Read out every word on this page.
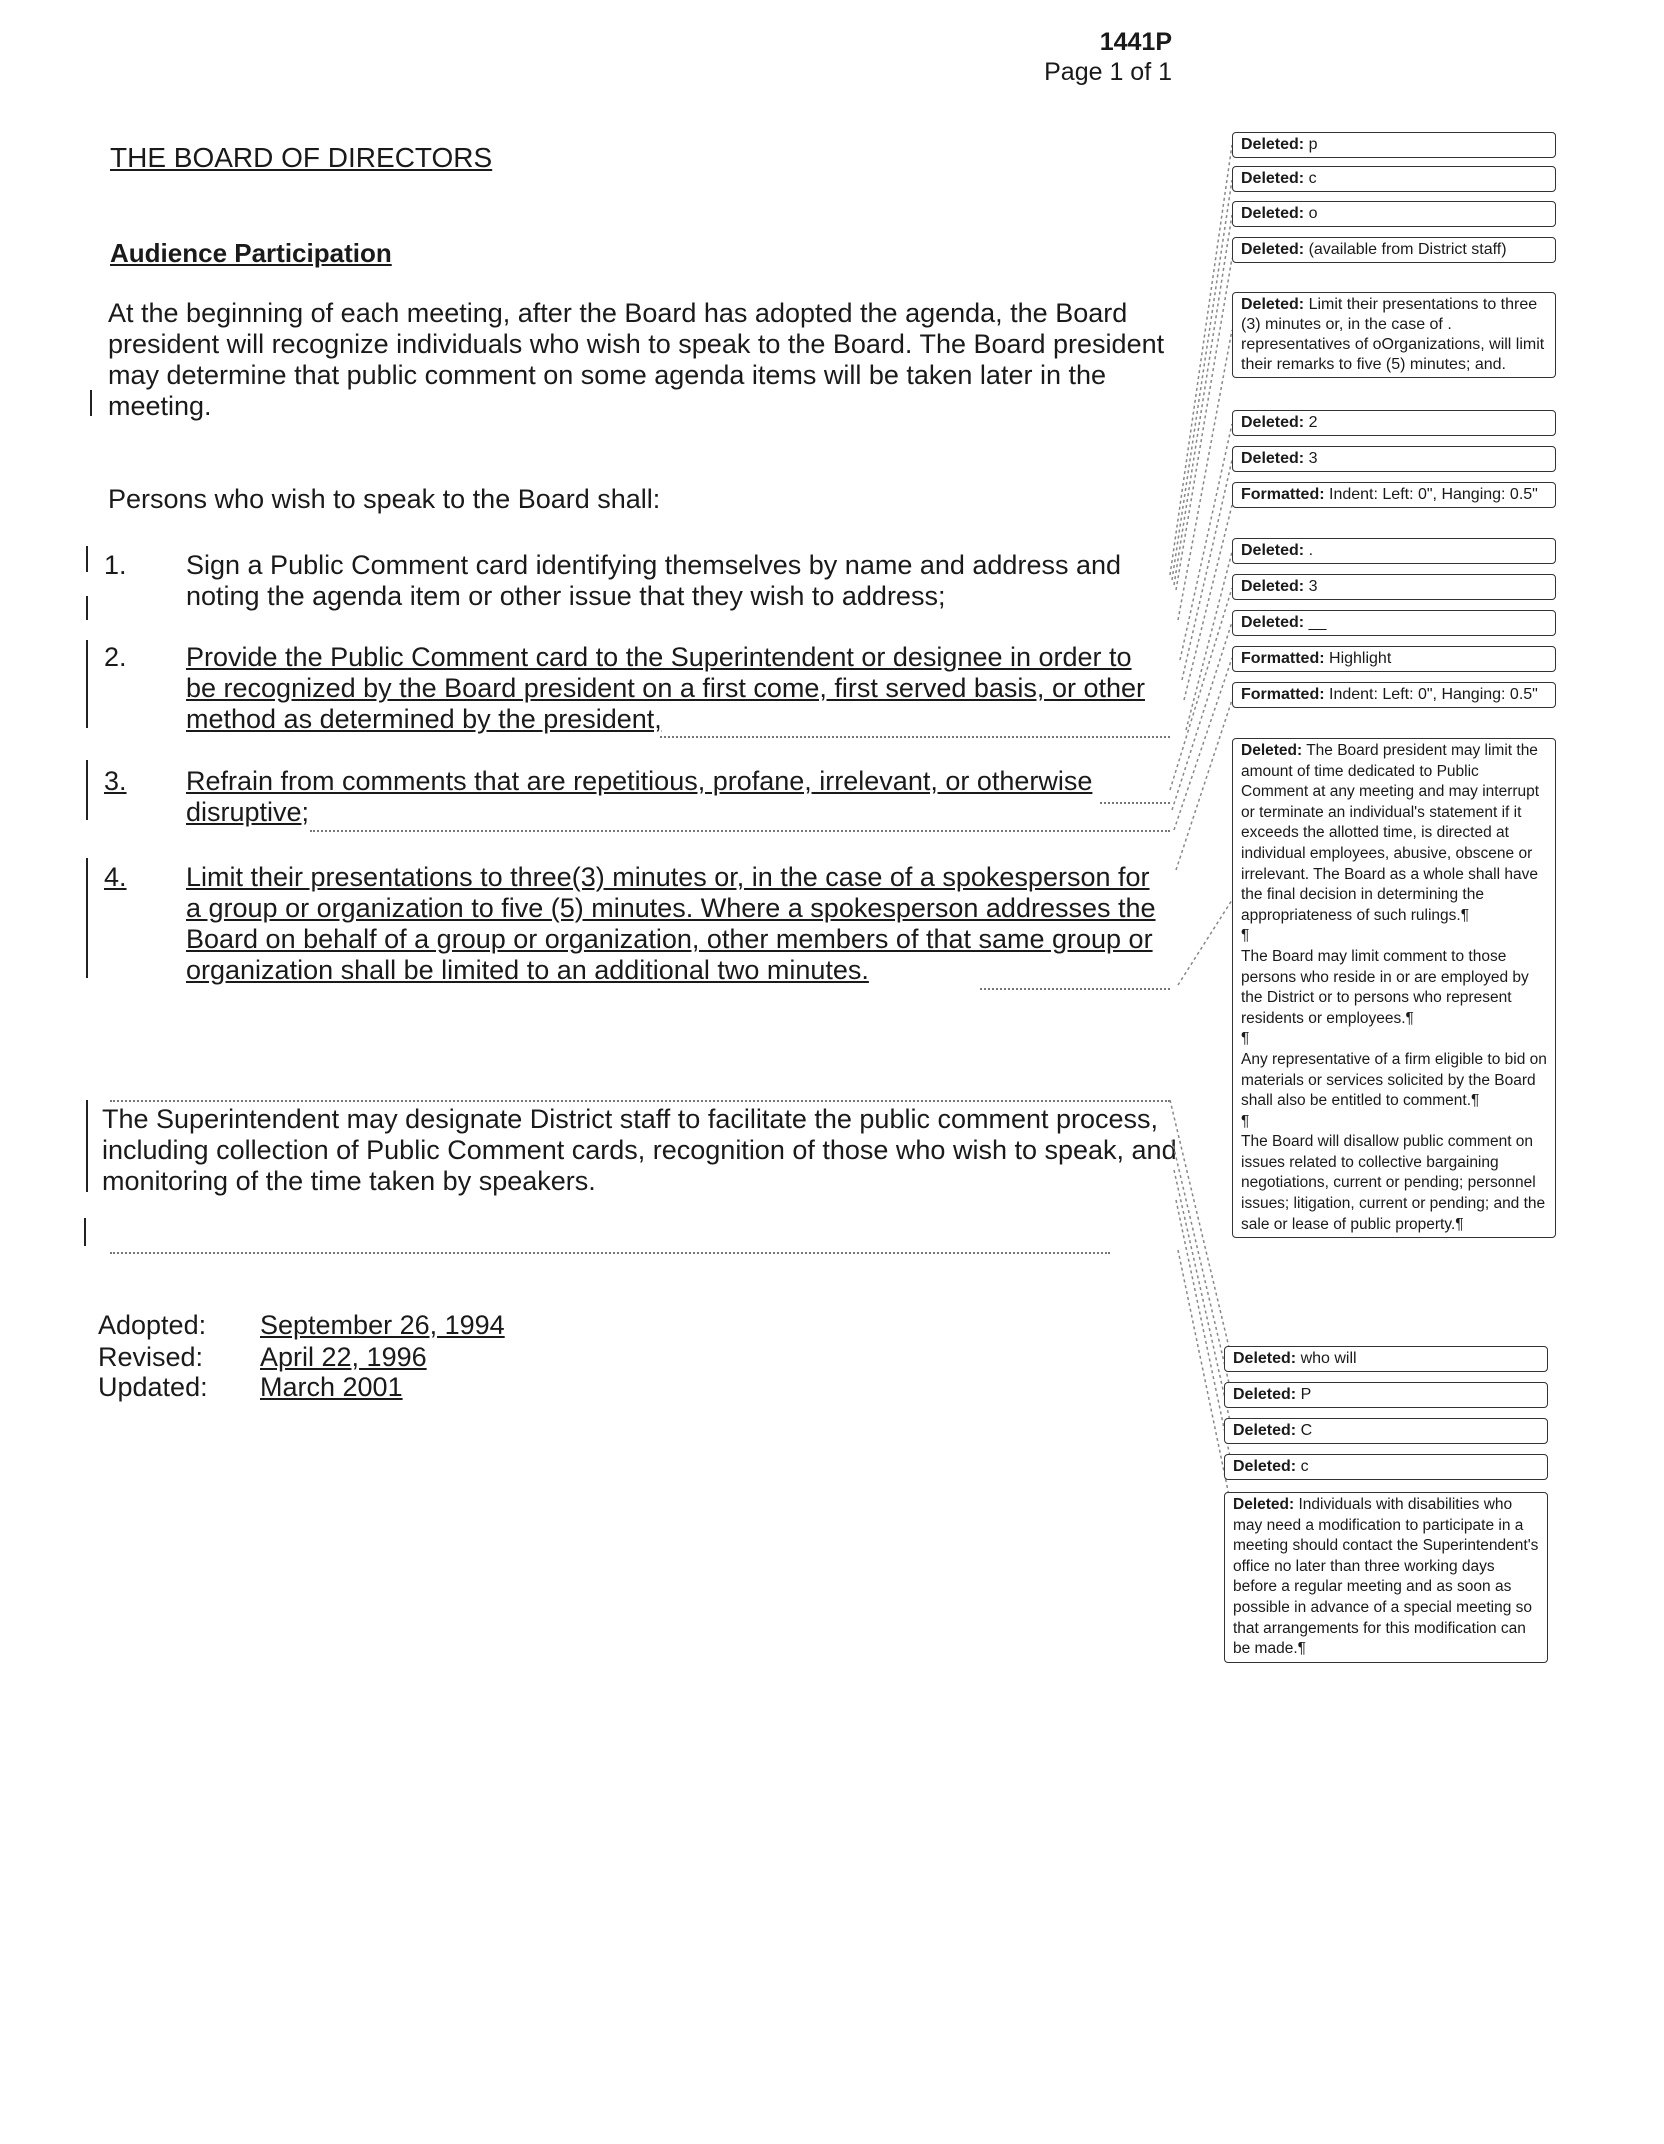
1441P
Page 1 of 1
THE BOARD OF DIRECTORS
Audience Participation

At the beginning of each meeting, after the Board has adopted the agenda, the Board president will recognize individuals who wish to speak to the Board. The Board president may determine that public comment on some agenda items will be taken later in the meeting.

Persons who wish to speak to the Board shall:

1. Sign a Public Comment card identifying themselves by name and address and noting the agenda item or other issue that they wish to address;
2. Provide the Public Comment card to the Superintendent or designee in order to be recognized by the Board president on a first come, first served basis, or other method as determined by the president,
3. Refrain from comments that are repetitious, profane, irrelevant, or otherwise disruptive;
4. Limit their presentations to three(3) minutes or, in the case of a spokesperson for a group or organization to five (5) minutes. Where a spokesperson addresses the Board on behalf of a group or organization, other members of that same group or organization shall be limited to an additional two minutes.

The Superintendent may designate District staff to facilitate the public comment process, including collection of Public Comment cards, recognition of those who wish to speak, and monitoring of the time taken by speakers.

Adopted: September 26, 1994
Revised: April 22, 1996
Updated: March 2001
Deleted: p
Deleted: c
Deleted: o
Deleted: (available from District staff)
Deleted: Limit their presentations to three (3) minutes or, in the case of . representatives of oOrganizations, will limit their remarks to five (5) minutes; and.
Deleted: 2
Deleted: 3
Formatted: Indent: Left: 0", Hanging: 0.5"
Deleted: .
Deleted: 3
Deleted: __
Formatted: Highlight
Formatted: Indent: Left: 0", Hanging: 0.5"
Deleted: The Board president may limit the amount of time dedicated to Public Comment at any meeting and may interrupt or terminate an individual's statement if it exceeds the allotted time, is directed at individual employees, abusive, obscene or irrelevant. The Board as a whole shall have the final decision in determining the appropriateness of such rulings.¶
¶
The Board may limit comment to those persons who reside in or are employed by the District or to persons who represent residents or employees.¶
¶
Any representative of a firm eligible to bid on materials or services solicited by the Board shall also be entitled to comment.¶
¶
The Board will disallow public comment on issues related to collective bargaining negotiations, current or pending; personnel issues; litigation, current or pending; and the sale or lease of public property.¶
Deleted: who will
Deleted: P
Deleted: C
Deleted: c
Deleted: Individuals with disabilities who may need a modification to participate in a meeting should contact the Superintendent's office no later than three working days before a regular meeting and as soon as possible in advance of a special meeting so that arrangements for this modification can be made.¶
